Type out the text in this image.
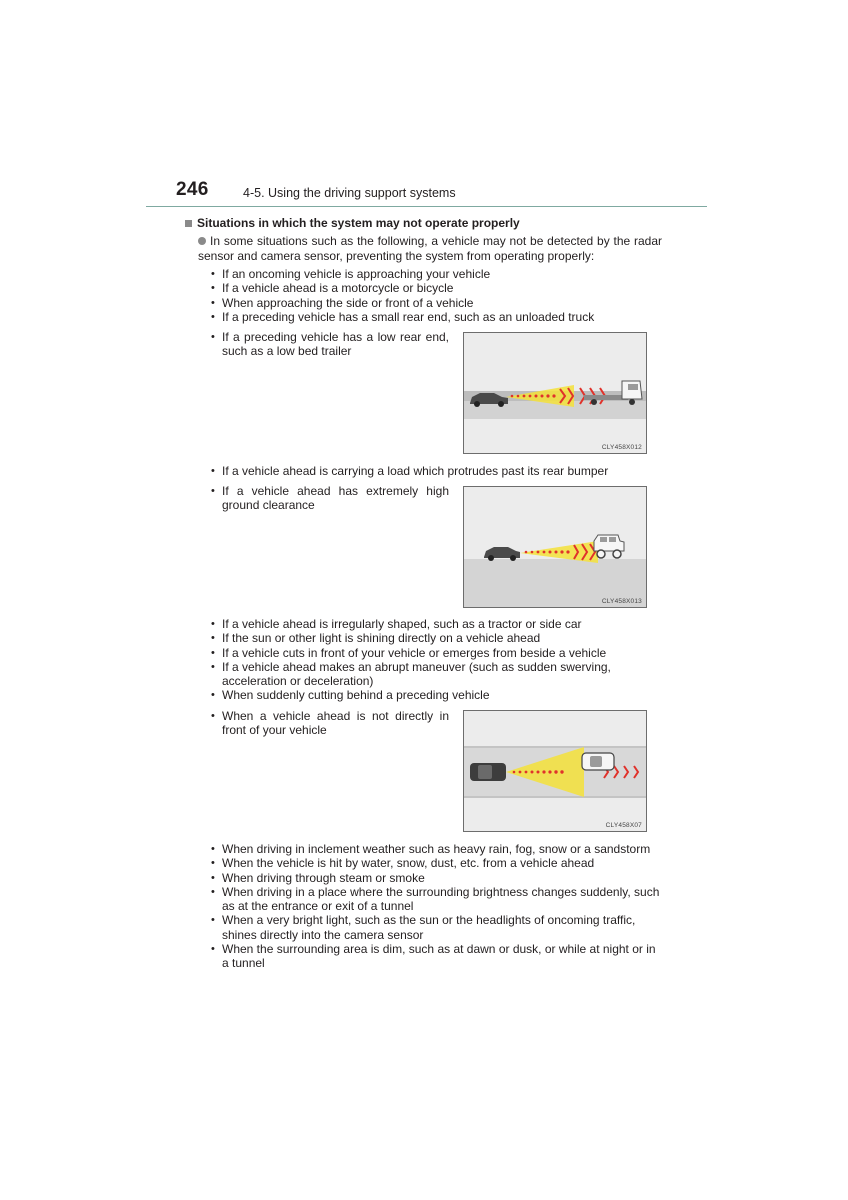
246	4-5. Using the driving support systems
Situations in which the system may not operate properly
In some situations such as the following, a vehicle may not be detected by the radar sensor and camera sensor, preventing the system from operating properly:
• If an oncoming vehicle is approaching your vehicle
• If a vehicle ahead is a motorcycle or bicycle
• When approaching the side or front of a vehicle
• If a preceding vehicle has a small rear end, such as an unloaded truck
• If a preceding vehicle has a low rear end, such as a low bed trailer
CLY458X012
• If a vehicle ahead is carrying a load which protrudes past its rear bumper
• If a vehicle ahead has extremely high ground clearance
CLY458X013
• If a vehicle ahead is irregularly shaped, such as a tractor or side car
• If the sun or other light is shining directly on a vehicle ahead
• If a vehicle cuts in front of your vehicle or emerges from beside a vehicle
• If a vehicle ahead makes an abrupt maneuver (such as sudden swerving, acceleration or deceleration)
• When suddenly cutting behind a preceding vehicle
• When a vehicle ahead is not directly in front of your vehicle
CLY458X07
• When driving in inclement weather such as heavy rain, fog, snow or a sandstorm
• When the vehicle is hit by water, snow, dust, etc. from a vehicle ahead
• When driving through steam or smoke
• When driving in a place where the surrounding brightness changes suddenly, such as at the entrance or exit of a tunnel
• When a very bright light, such as the sun or the headlights of oncoming traffic, shines directly into the camera sensor
• When the surrounding area is dim, such as at dawn or dusk, or while at night or in a tunnel
